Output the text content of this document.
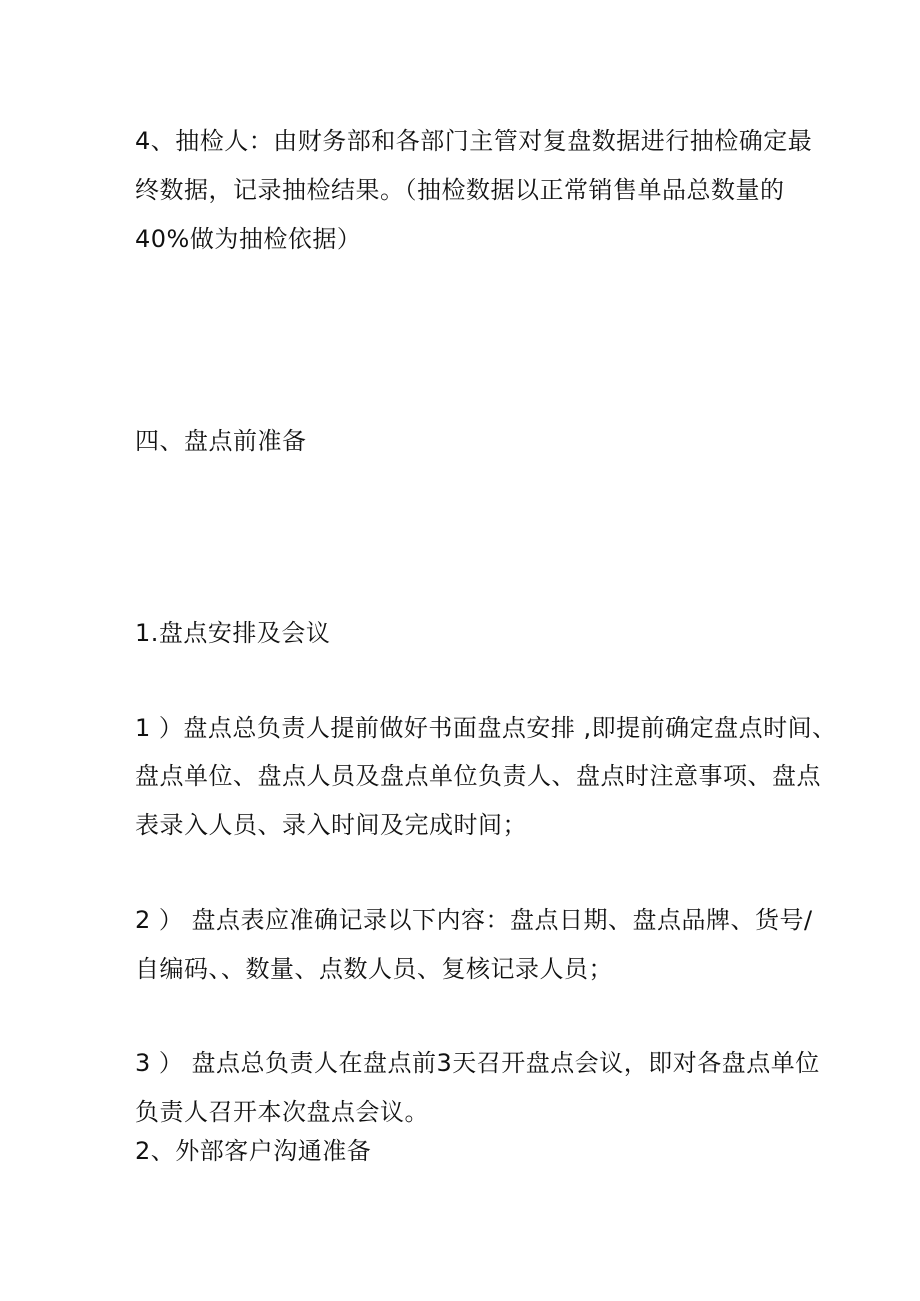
4、抽检人：由财务部和各部门主管对复盘数据进行抽检确定最
终数据，记录抽检结果。（抽检数据以正常销售单品总数量的
40%做为抽检依据）
四、盘点前准备
1.盘点安排及会议
1 ）盘点总负责人提前做好书面盘点安排 ,即提前确定盘点时间、
盘点单位、盘点人员及盘点单位负责人、盘点时注意事项、盘点
表录入人员、录入时间及完成时间；
2 ） 盘点表应准确记录以下内容：盘点日期、盘点品牌、货号/
自编码、、数量、点数人员、复核记录人员；
3 ） 盘点总负责人在盘点前3天召开盘点会议，即对各盘点单位
负责人召开本次盘点会议。
2、外部客户沟通准备
